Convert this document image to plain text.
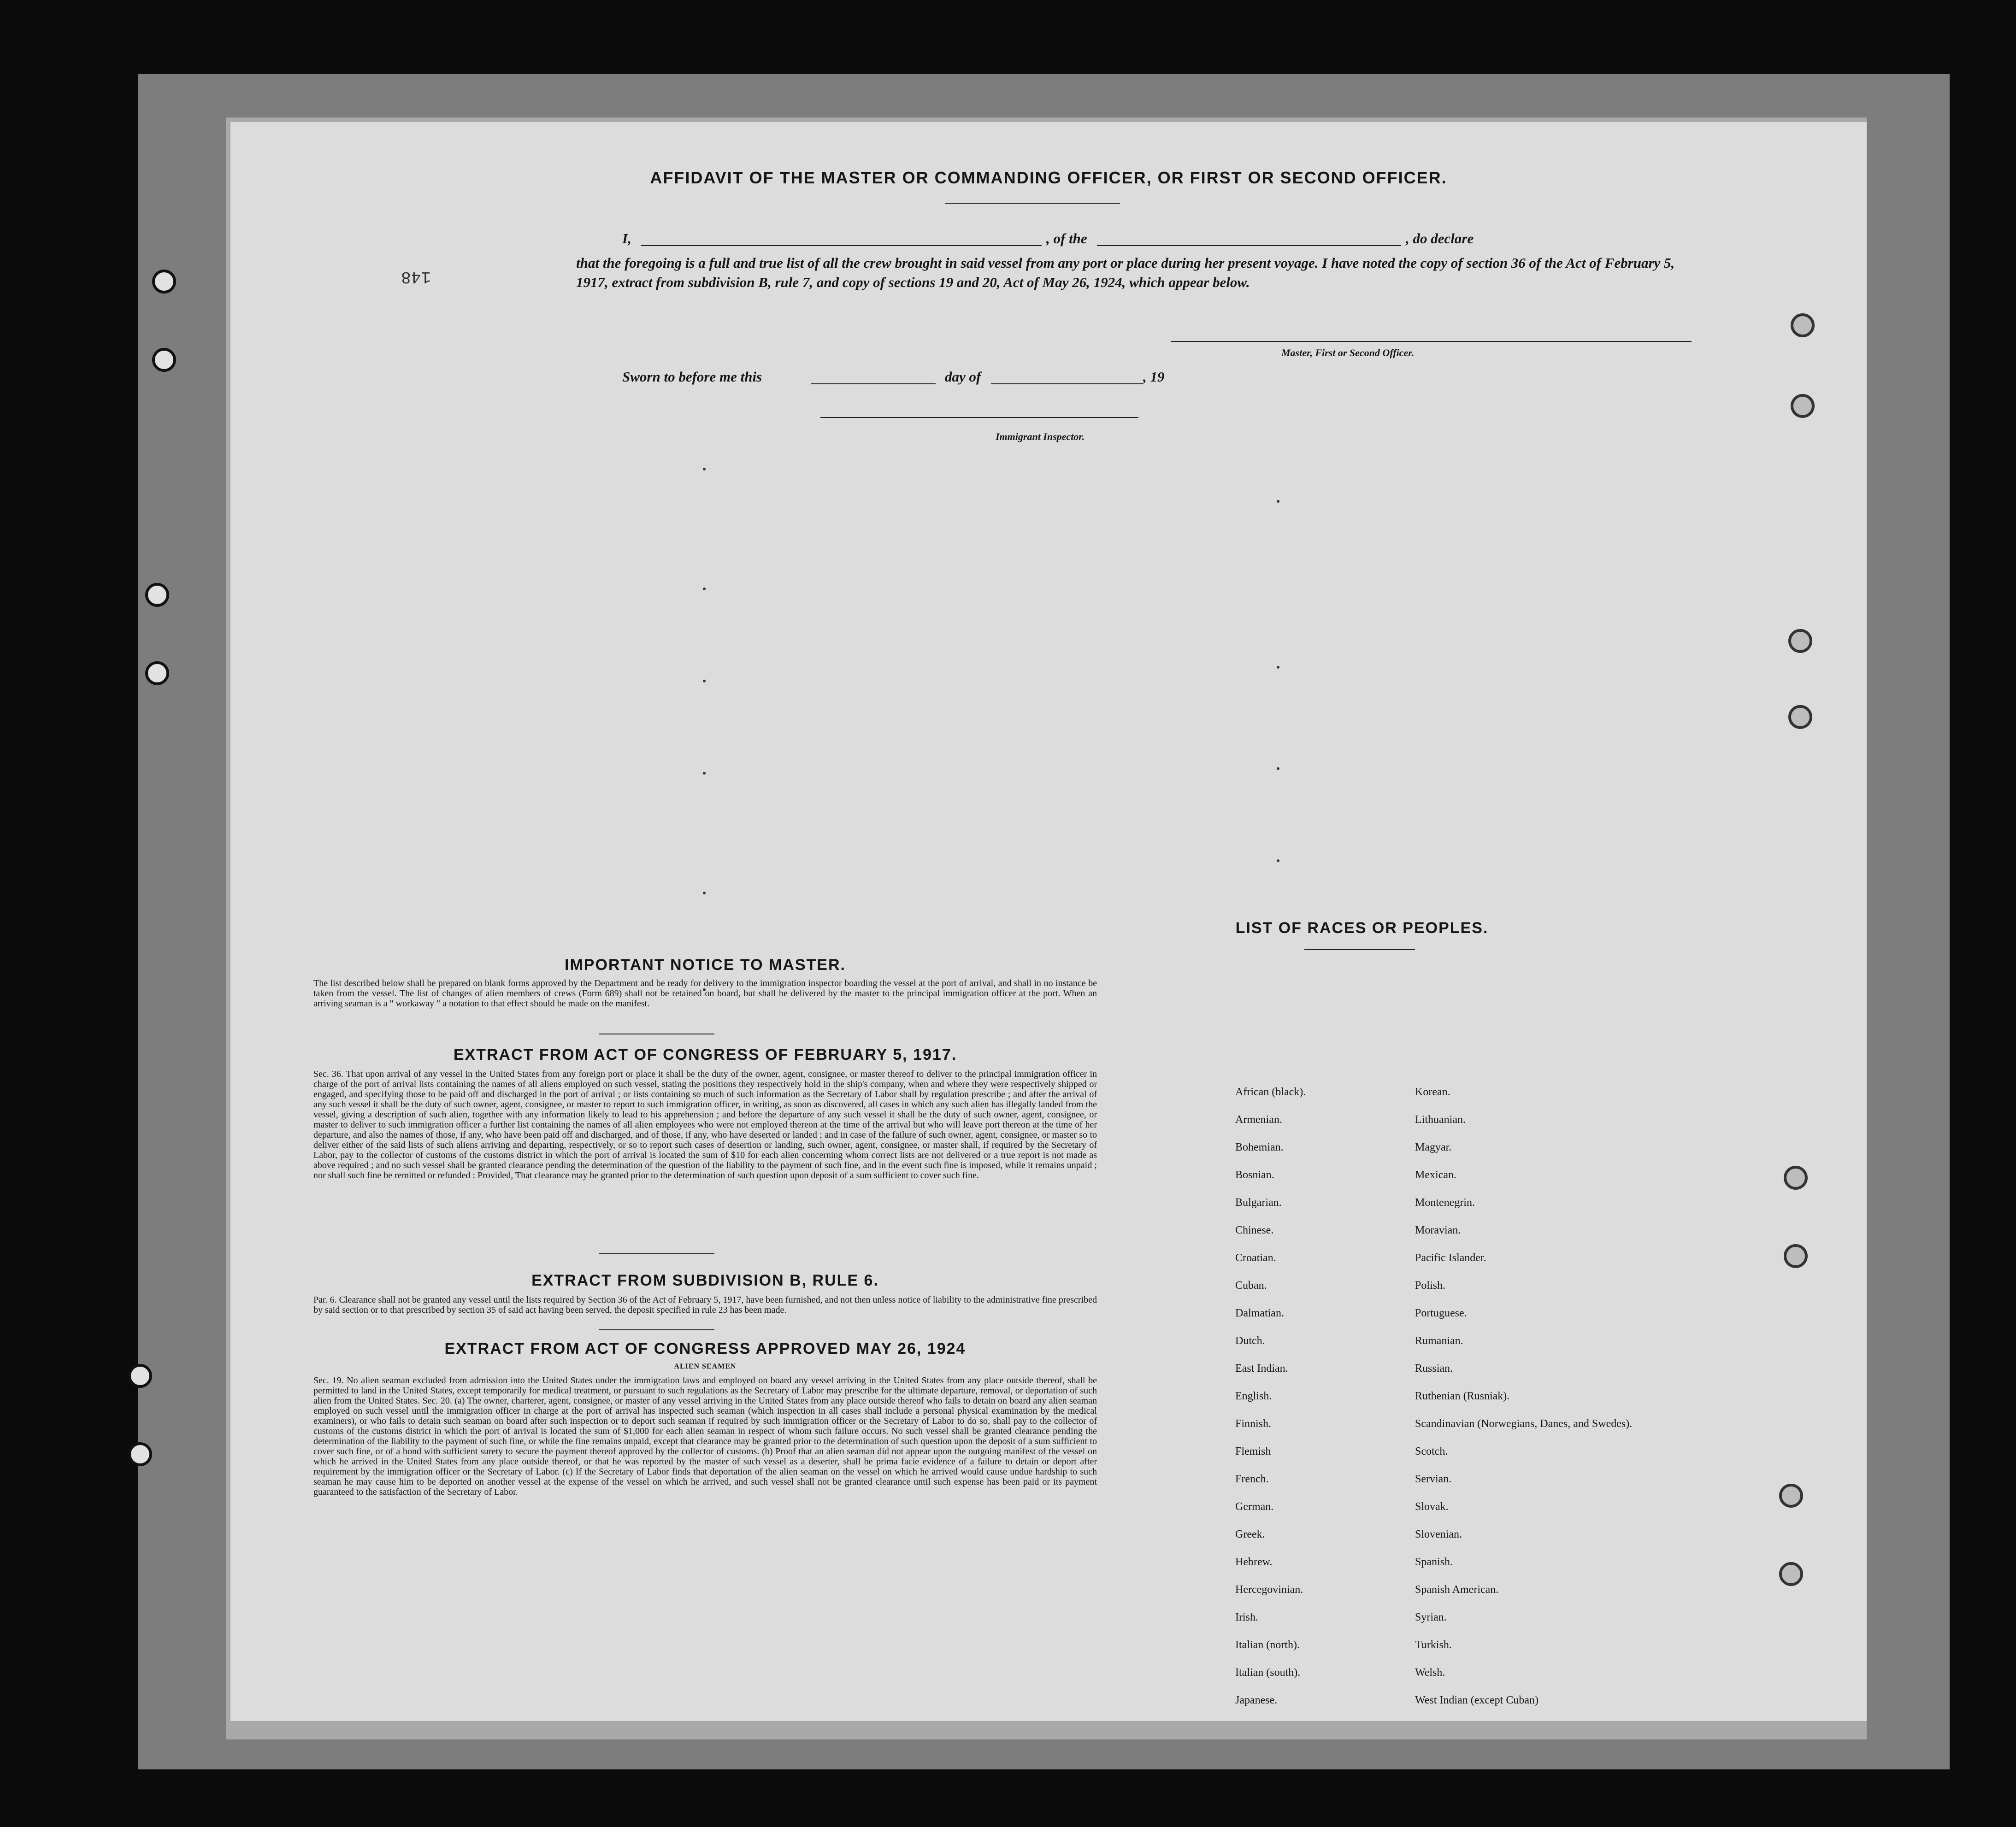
AFFIDAVIT OF THE MASTER OR COMMANDING OFFICER, OR FIRST OR SECOND OFFICER.
I,	, of the	, do declare
that the foregoing is a full and true list of all the crew brought in said vessel from any port or place during her present voyage. I have noted the copy of section 36 of the Act of February 5, 1917, extract from subdivision B, rule 7, and copy of sections 19 and 20, Act of May 26, 1924, which appear below.
Master, First or Second Officer.
Sworn to before me this	day of	, 19
Immigrant Inspector.
148
IMPORTANT NOTICE TO MASTER.
The list described below shall be prepared on blank forms approved by the Department and be ready for delivery to the immigration inspector boarding the vessel at the port of arrival, and shall in no instance be taken from the vessel. The list of changes of alien members of crews (Form 689) shall not be retained on board, but shall be delivered by the master to the principal immigration officer at the port. When an arriving seaman is a " workaway " a notation to that effect should be made on the manifest.
EXTRACT FROM ACT OF CONGRESS OF FEBRUARY 5, 1917.
Sec. 36. That upon arrival of any vessel in the United States from any foreign port or place it shall be the duty of the owner, agent, consignee, or master thereof to deliver to the principal immigration officer in charge of the port of arrival lists containing the names of all aliens employed on such vessel, stating the positions they respectively hold in the ship's company, when and where they were respectively shipped or engaged, and specifying those to be paid off and discharged in the port of arrival ; or lists containing so much of such information as the Secretary of Labor shall by regulation prescribe ; and after the arrival of any such vessel it shall be the duty of such owner, agent, consignee, or master to report to such immigration officer, in writing, as soon as discovered, all cases in which any such alien has illegally landed from the vessel, giving a description of such alien, together with any information likely to lead to his apprehension ; and before the departure of any such vessel it shall be the duty of such owner, agent, consignee, or master to deliver to such immigration officer a further list containing the names of all alien employees who were not employed thereon at the time of the arrival but who will leave port thereon at the time of her departure, and also the names of those, if any, who have been paid off and discharged, and of those, if any, who have deserted or landed ; and in case of the failure of such owner, agent, consignee, or master so to deliver either of the said lists of such aliens arriving and departing, respectively, or so to report such cases of desertion or landing, such owner, agent, consignee, or master shall, if required by the Secretary of Labor, pay to the collector of customs of the customs district in which the port of arrival is located the sum of $10 for each alien concerning whom correct lists are not delivered or a true report is not made as above required ; and no such vessel shall be granted clearance pending the determination of the question of the liability to the payment of such fine, and in the event such fine is imposed, while it remains unpaid ; nor shall such fine be remitted or refunded : Provided, That clearance may be granted prior to the determination of such question upon deposit of a sum sufficient to cover such fine.
EXTRACT FROM SUBDIVISION B, RULE 6.
Par. 6. Clearance shall not be granted any vessel until the lists required by Section 36 of the Act of February 5, 1917, have been furnished, and not then unless notice of liability to the administrative fine prescribed by said section or to that prescribed by section 35 of said act having been served, the deposit specified in rule 23 has been made.
EXTRACT FROM ACT OF CONGRESS APPROVED MAY 26, 1924
ALIEN SEAMEN
Sec. 19. No alien seaman excluded from admission into the United States under the immigration laws and employed on board any vessel arriving in the United States from any place outside thereof, shall be permitted to land in the United States, except temporarily for medical treatment, or pursuant to such regulations as the Secretary of Labor may prescribe for the ultimate departure, removal, or deportation of such alien from the United States. Sec. 20. (a) The owner, charterer, agent, consignee, or master of any vessel arriving in the United States from any place outside thereof who fails to detain on board any alien seaman employed on such vessel until the immigration officer in charge at the port of arrival has inspected such seaman (which inspection in all cases shall include a personal physical examination by the medical examiners), or who fails to detain such seaman on board after such inspection or to deport such seaman if required by such immigration officer or the Secretary of Labor to do so, shall pay to the collector of customs of the customs district in which the port of arrival is located the sum of $1,000 for each alien seaman in respect of whom such failure occurs. No such vessel shall be granted clearance pending the determination of the liability to the payment of such fine, or while the fine remains unpaid, except that clearance may be granted prior to the determination of such question upon the deposit of a sum sufficient to cover such fine, or of a bond with sufficient surety to secure the payment thereof approved by the collector of customs. (b) Proof that an alien seaman did not appear upon the outgoing manifest of the vessel on which he arrived in the United States from any place outside thereof, or that he was reported by the master of such vessel as a deserter, shall be prima facie evidence of a failure to detain or deport after requirement by the immigration officer or the Secretary of Labor. (c) If the Secretary of Labor finds that deportation of the alien seaman on the vessel on which he arrived would cause undue hardship to such seaman he may cause him to be deported on another vessel at the expense of the vessel on which he arrived, and such vessel shall not be granted clearance until such expense has been paid or its payment guaranteed to the satisfaction of the Secretary of Labor.
LIST OF RACES OR PEOPLES.
African (black).
Armenian.
Bohemian.
Bosnian.
Bulgarian.
Chinese.
Croatian.
Cuban.
Dalmatian.
Dutch.
East Indian.
English.
Finnish.
Flemish
French.
German.
Greek.
Hebrew.
Hercegovinian.
Irish.
Italian (north).
Italian (south).
Japanese.
Korean.
Lithuanian.
Magyar.
Mexican.
Montenegrin.
Moravian.
Pacific Islander.
Polish.
Portuguese.
Rumanian.
Russian.
Ruthenian (Rusniak).
Scandinavian (Norwegians, Danes, and Swedes).
Scotch.
Servian.
Slovak.
Slovenian.
Spanish.
Spanish American.
Syrian.
Turkish.
Welsh.
West Indian (except Cuban)
